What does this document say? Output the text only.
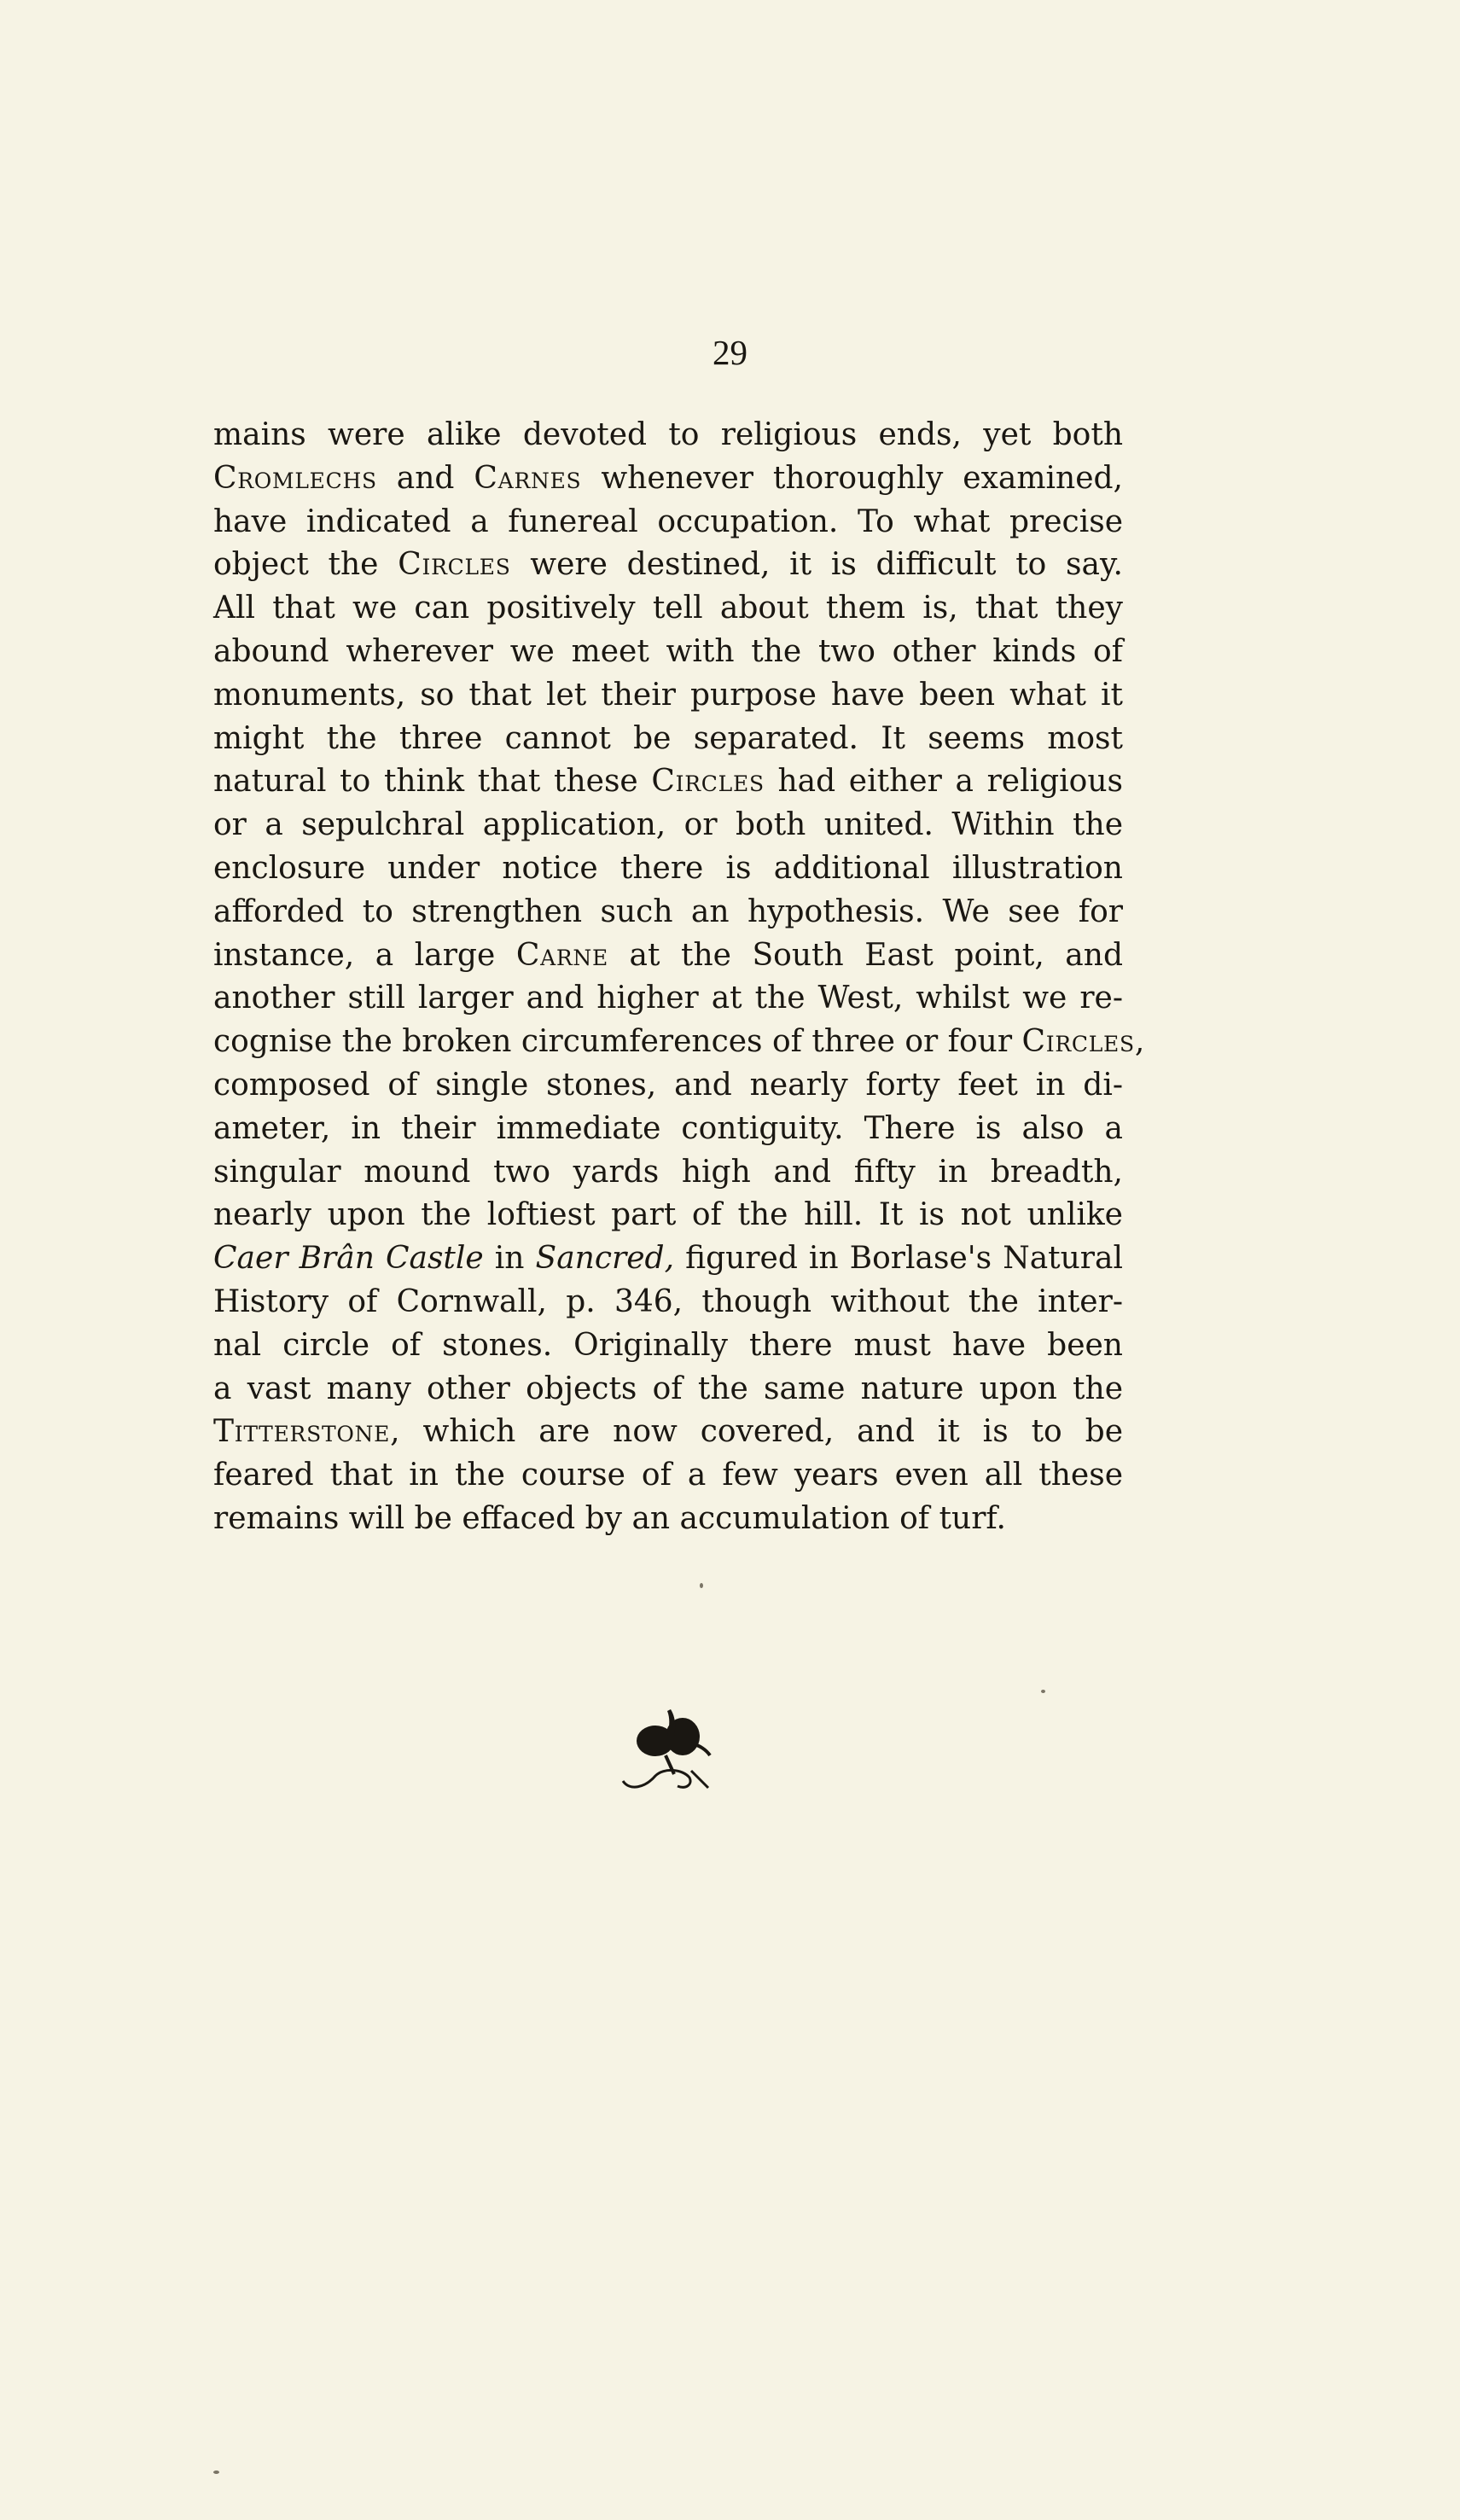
29
mains were alike devoted to religious ends, yet both
Cromlechs and Carnes whenever thoroughly examined,
have indicated a funereal occupation. To what precise
object the Circles were destined, it is difficult to say.
All that we can positively tell about them is, that they
abound wherever we meet with the two other kinds of
monuments, so that let their purpose have been what it
might the three cannot be separated. It seems most
natural to think that these Circles had either a religious
or a sepulchral application, or both united. Within the
enclosure under notice there is additional illustration
afforded to strengthen such an hypothesis. We see for
instance, a large Carne at the South East point, and
another still larger and higher at the West, whilst we re-
cognise the broken circumferences of three or four Circles,
composed of single stones, and nearly forty feet in di-
ameter, in their immediate contiguity. There is also a
singular mound two yards high and fifty in breadth,
nearly upon the loftiest part of the hill. It is not unlike
Caer Brân Castle in Sancred, figured in Borlase's Natural
History of Cornwall, p. 346, though without the inter-
nal circle of stones. Originally there must have been
a vast many other objects of the same nature upon the
Titterstone, which are now covered, and it is to be
feared that in the course of a few years even all these
remains will be effaced by an accumulation of turf.
